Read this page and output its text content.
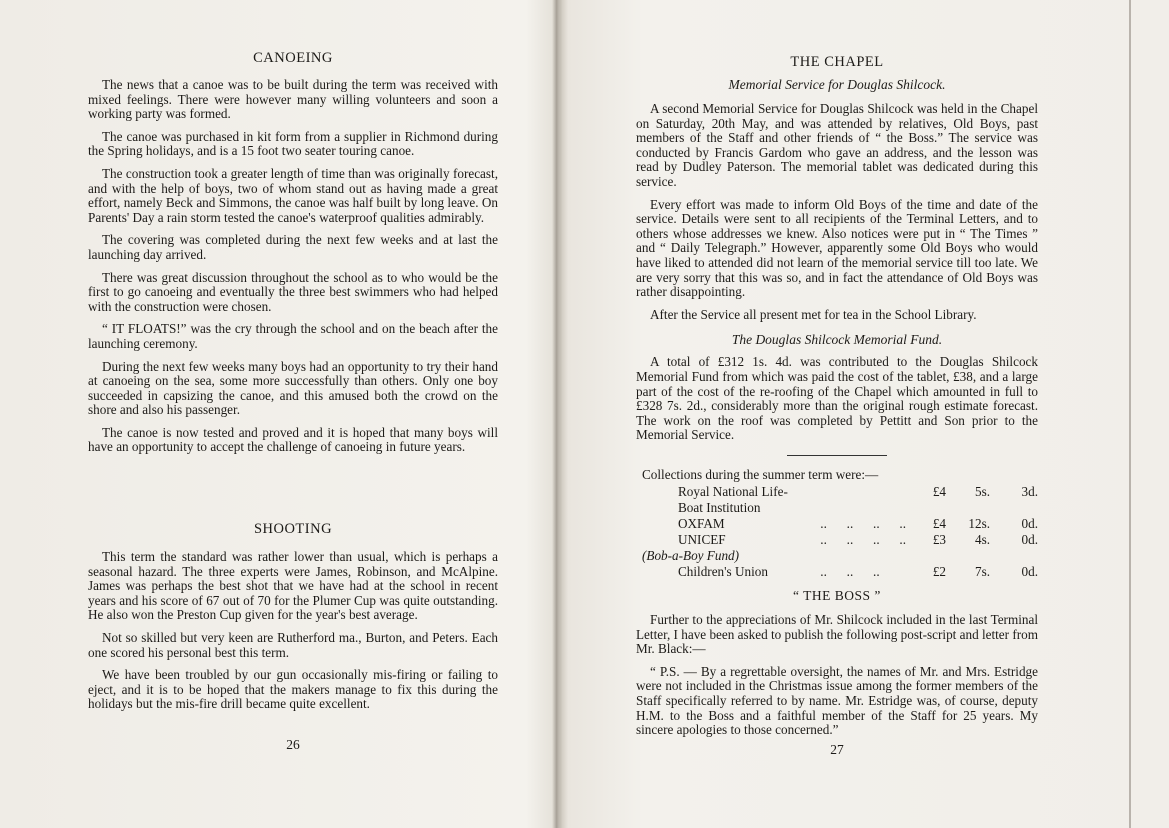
CANOEING

The news that a canoe was to be built during the term was received with mixed feelings. There were however many willing volunteers and soon a working party was formed.

The canoe was purchased in kit form from a supplier in Richmond during the Spring holidays, and is a 15 foot two seater touring canoe.

The construction took a greater length of time than was originally forecast, and with the help of boys, two of whom stand out as having made a great effort, namely Beck and Simmons, the canoe was half built by long leave. On Parents' Day a rain storm tested the canoe's waterproof qualities admirably.

The covering was completed during the next few weeks and at last the launching day arrived.

There was great discussion throughout the school as to who would be the first to go canoeing and eventually the three best swimmers who had helped with the construction were chosen.

“ IT FLOATS!” was the cry through the school and on the beach after the launching ceremony.

During the next few weeks many boys had an opportunity to try their hand at canoeing on the sea, some more successfully than others. Only one boy succeeded in capsizing the canoe, and this amused both the crowd on the shore and also his passenger.

The canoe is now tested and proved and it is hoped that many boys will have an opportunity to accept the challenge of canoeing in future years.

SHOOTING

This term the standard was rather lower than usual, which is perhaps a seasonal hazard. The three experts were James, Robinson, and McAlpine. James was perhaps the best shot that we have had at the school in recent years and his score of 67 out of 70 for the Plumer Cup was quite outstanding. He also won the Preston Cup given for the year's best average.

Not so skilled but very keen are Rutherford ma., Burton, and Peters. Each one scored his personal best this term.

We have been troubled by our gun occasionally mis-firing or failing to eject, and it is to be hoped that the makers manage to fix this during the holidays but the mis-fire drill became quite excellent.

26
THE CHAPEL
Memorial Service for Douglas Shilcock.

A second Memorial Service for Douglas Shilcock was held in the Chapel on Saturday, 20th May, and was attended by relatives, Old Boys, past members of the Staff and other friends of “ the Boss.” The service was conducted by Francis Gardom who gave an address, and the lesson was read by Dudley Paterson. The memorial tablet was dedicated during this service.

Every effort was made to inform Old Boys of the time and date of the service. Details were sent to all recipients of the Terminal Letters, and to others whose addresses we knew. Also notices were put in “ The Times ” and “ Daily Telegraph.” However, apparently some Old Boys who would have liked to attended did not learn of the memorial service till too late. We are very sorry that this was so, and in fact the attendance of Old Boys was rather disappointing.

After the Service all present met for tea in the School Library.

The Douglas Shilcock Memorial Fund.

A total of £312 1s. 4d. was contributed to the Douglas Shilcock Memorial Fund from which was paid the cost of the tablet, £38, and a large part of the cost of the re-roofing of the Chapel which amounted in full to £328 7s. 2d., considerably more than the original rough estimate forecast. The work on the roof was completed by Pettitt and Son prior to the Memorial Service.

Collections during the summer term were:—
Royal National Life-Boat Institution		£4	5s.	3d.
OXFAM	..      ..      ..      ..	£4	12s.	0d.
UNICEF	..      ..      ..      ..	£3	4s.	0d.
(Bob-a-Boy Fund)				
Children's Union	..      ..      ..	£2	7s.	0d.
“ THE BOSS ”

Further to the appreciations of Mr. Shilcock included in the last Terminal Letter, I have been asked to publish the following post-script and letter from Mr. Black:—

“ P.S. — By a regrettable oversight, the names of Mr. and Mrs. Estridge were not included in the Christmas issue among the former members of the Staff specifically referred to by name. Mr. Estridge was, of course, deputy H.M. to the Boss and a faithful member of the Staff for 25 years. My sincere apologies to those concerned.”

27
